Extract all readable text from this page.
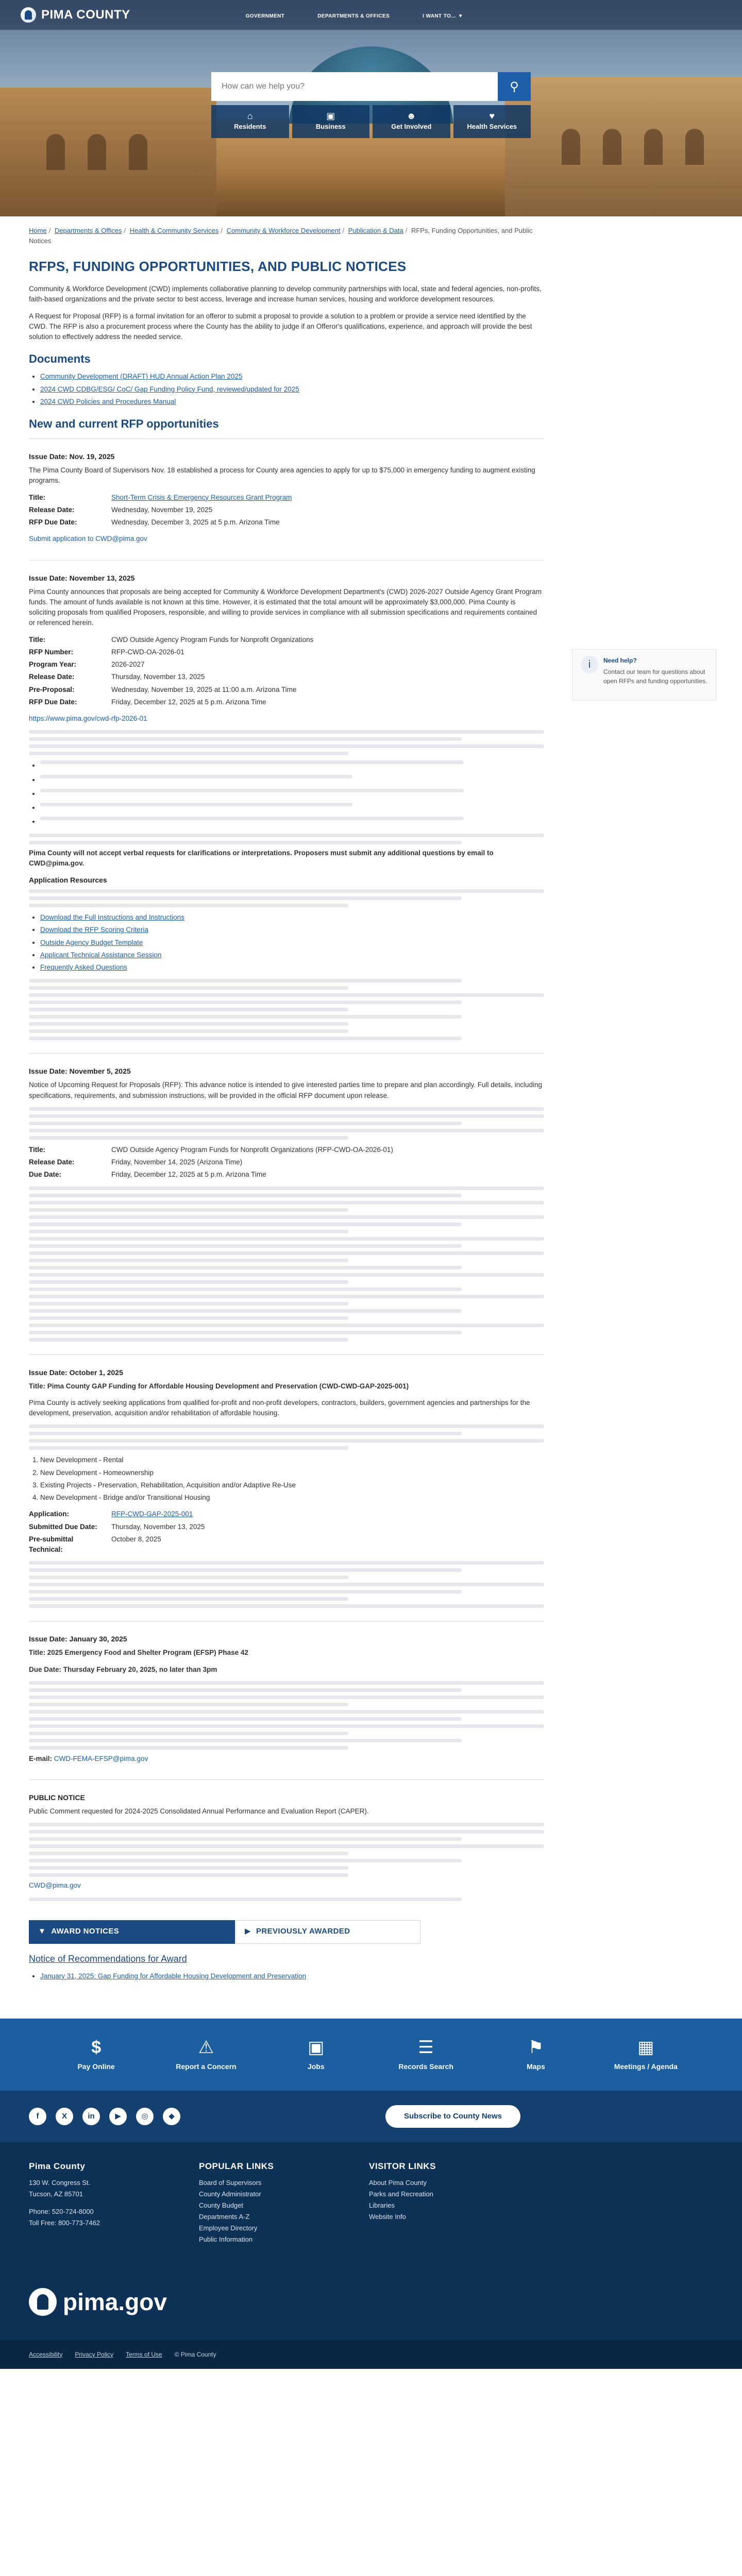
PIMA COUNTY	GOVERNMENT	DEPARTMENTS & OFFICES	I WANT TO... ▼
How can we help you?
⚲
⌂
Residents
▣
Business
☻
Get Involved
♥
Health Services
Home / Departments & Offices / Health & Community Services / Community & Workforce Development / Publication & Data / RFPs, Funding Opportunities, and Public Notices
RFPS, FUNDING OPPORTUNITIES, AND PUBLIC NOTICES
i	Need help?
Contact our team for questions about open RFPs and funding opportunities.

Community & Workforce Development (CWD) implements collaborative planning to develop community partnerships with local, state and federal agencies, non-profits, faith-based organizations and the private sector to best access, leverage and increase human services, housing and workforce development resources.

A Request for Proposal (RFP) is a formal invitation for an offeror to submit a proposal to provide a solution to a problem or provide a service need identified by the CWD. The RFP is also a procurement process where the County has the ability to judge if an Offeror's qualifications, experience, and approach will provide the best solution to effectively address the needed service.

Documents
• Community Development (DRAFT) HUD Annual Action Plan 2025
• 2024 CWD CDBG/ESG/ CoC/ Gap Funding Policy Fund, reviewed/updated for 2025
• 2024 CWD Policies and Procedures Manual
New and current RFP opportunities
Issue Date: Nov. 19, 2025

The Pima County Board of Supervisors Nov. 18 established a process for County area agencies to apply for up to $75,000 in emergency funding to augment existing programs.

Title:	Short-Term Crisis & Emergency Resources Grant Program
Release Date:	Wednesday, November 19, 2025
RFP Due Date:	Wednesday, December 3, 2025 at 5 p.m. Arizona Time

Submit application to CWD@pima.gov

Issue Date: November 13, 2025

Pima County announces that proposals are being accepted for Community & Workforce Development Department's (CWD) 2026-2027 Outside Agency Grant Program funds. The amount of funds available is not known at this time. However, it is estimated that the total amount will be approximately $3,000,000. Pima County is soliciting proposals from qualified Proposers, responsible, and willing to provide services in compliance with all submission specifications and requirements contained or referenced herein.

Title:	CWD Outside Agency Program Funds for Nonprofit Organizations
RFP Number:	RFP-CWD-OA-2026-01
Program Year:	2026-2027
Release Date:	Thursday, November 13, 2025
Pre-Proposal:	Wednesday, November 19, 2025 at 11:00 a.m. Arizona Time
RFP Due Date:	Friday, December 12, 2025 at 5 p.m. Arizona Time

https://www.pima.gov/cwd-rfp-2026-01

•
•
•
•
•

Pima County will not accept verbal requests for clarifications or interpretations. Proposers must submit any additional questions by email to CWD@pima.gov.

Application Resources
• Download the Full Instructions and Instructions
• Download the RFP Scoring Criteria
• Outside Agency Budget Template
• Applicant Technical Assistance Session
• Frequently Asked Questions
Issue Date: November 5, 2025

Notice of Upcoming Request for Proposals (RFP): This advance notice is intended to give interested parties time to prepare and plan accordingly. Full details, including specifications, requirements, and submission instructions, will be provided in the official RFP document upon release.

Title:	CWD Outside Agency Program Funds for Nonprofit Organizations (RFP-CWD-OA-2026-01)
Release Date:	Friday, November 14, 2025 (Arizona Time)
Due Date:	Friday, December 12, 2025 at 5 p.m. Arizona Time
Issue Date: October 1, 2025

Title: Pima County GAP Funding for Affordable Housing Development and Preservation (CWD-CWD-GAP-2025-001)

Pima County is actively seeking applications from qualified for-profit and non-profit developers, contractors, builders, government agencies and partnerships for the development, preservation, acquisition and/or rehabilitation of affordable housing.

1. New Development - Rental
2. New Development - Homeownership
3. Existing Projects - Preservation, Rehabilitation, Acquisition and/or Adaptive Re-Use
4. New Development - Bridge and/or Transitional Housing
Application:	RFP-CWD-GAP-2025-001
Submitted Due Date:	Thursday, November 13, 2025
Pre-submittal Technical:
October 8, 2025
Issue Date: January 30, 2025

Title: 2025 Emergency Food and Shelter Program (EFSP) Phase 42

Due Date: Thursday February 20, 2025, no later than 3pm

E-mail: CWD-FEMA-EFSP@pima.gov

PUBLIC NOTICE

Public Comment requested for 2024-2025 Consolidated Annual Performance and Evaluation Report (CAPER).

CWD@pima.gov

▼ AWARD NOTICES	▶ PREVIOUSLY AWARDED
Notice of Recommendations for Award
• January 31, 2025: Gap Funding for Affordable Housing Development and Preservation
$
Pay Online
⚠
Report a Concern
▣
Jobs
☰
Records Search
⚑
Maps
▦
Meetings / Agenda
f	X	in	▶	◎	◆	Subscribe to County News
Pima County
130 W. Congress St.
Tucson, AZ 85701
Phone: 520-724-8000
Toll Free: 800-773-7462
POPULAR LINKS
Board of Supervisors
County Administrator
County Budget
Departments A-Z
Employee Directory
Public Information
VISITOR LINKS
About Pima County
Parks and Recreation
Libraries
Website Info
pima.gov
Accessibility Privacy Policy Terms of Use © Pima County
